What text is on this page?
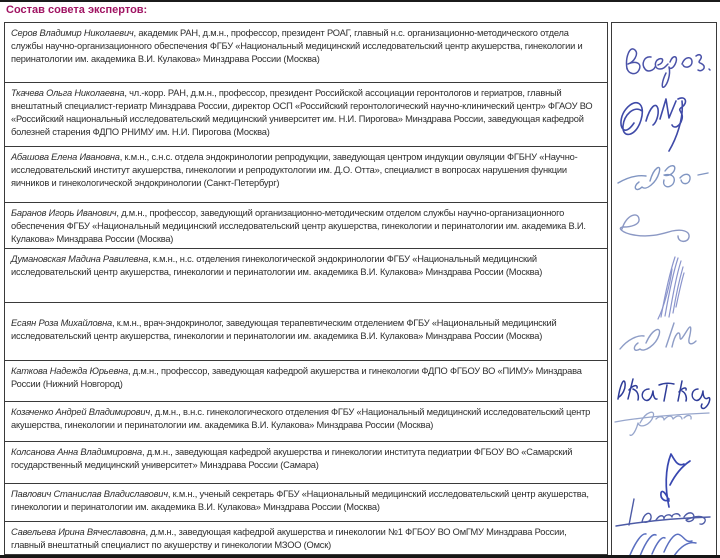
Состав совета экспертов:
Серов Владимир Николаевич, академик РАН, д.м.н., профессор, президент РОАГ, главный н.с. организационно-методического отдела службы научно-организационного обеспечения ФГБУ «Национальный медицинский исследовательский центр акушерства, гинекологии и перинатологии им. академика В.И. Кулакова» Минздрава России (Москва)
Ткачева Ольга Николаевна, чл.-корр. РАН, д.м.н., профессор, президент Российской ассоциации геронтологов и гериатров, главный внештатный специалист-гериатр Минздрава России, директор ОСП «Российский геронтологический научно-клинический центр» ФГАОУ ВО «Российский национальный исследовательский медицинский университет им. Н.И. Пирогова» Минздрава России, заведующая кафедрой болезней старения ФДПО РНИМУ им. Н.И. Пирогова (Москва)
Абашова Елена Ивановна, к.м.н., с.н.с. отдела эндокринологии репродукции, заведующая центром индукции овуляции ФГБНУ «Научно-исследовательский институт акушерства, гинекологии и репродуктологии им. Д.О. Отта», специалист в вопросах нарушения функции яичников и гинекологической эндокринологии (Санкт-Петербург)
Баранов Игорь Иванович, д.м.н., профессор, заведующий организационно-методическим отделом службы научно-организационного обеспечения ФГБУ «Национальный медицинский исследовательский центр акушерства, гинекологии и перинатологии им. академика В.И. Кулакова» Минздрава России (Москва)
Думановская Мадина Равилевна, к.м.н., н.с. отделения гинекологической эндокринологии ФГБУ «Национальный медицинский исследовательский центр акушерства, гинекологии и перинатологии им. академика В.И. Кулакова» Минздрава России (Москва)
Есаян Роза Михайловна, к.м.н., врач-эндокринолог, заведующая терапевтическим отделением ФГБУ «Национальный медицинский исследовательский центр акушерства, гинекологии и перинатологии им. академика В.И. Кулакова» Минздрава России (Москва)
Каткова Надежда Юрьевна, д.м.н., профессор, заведующая кафедрой акушерства и гинекологии ФДПО ФГБОУ ВО «ПИМУ» Минздрава России (Нижний Новгород)
Козаченко Андрей Владимирович, д.м.н., в.н.с. гинекологического отделения ФГБУ «Национальный медицинский исследовательский центр акушерства, гинекологии и перинатологии им. академика В.И. Кулакова» Минздрава России (Москва)
Колсанова Анна Владимировна, д.м.н., заведующая кафедрой акушерства и гинекологии института педиатрии ФГБОУ ВО «Самарский государственный медицинский университет» Минздрава России (Самара)
Павлович Станислав Владиславович, к.м.н., ученый секретарь ФГБУ «Национальный медицинский исследовательский центр акушерства, гинекологии и перинатологии им. академика В.И. Кулакова» Минздрава России (Москва)
Савельева Ирина Вячеславовна, д.м.н., заведующая кафедрой акушерства и гинекологии №1 ФГБОУ ВО ОмГМУ Минздрава России, главный внештатный специалист по акушерству и гинекологии МЗОО (Омск)
